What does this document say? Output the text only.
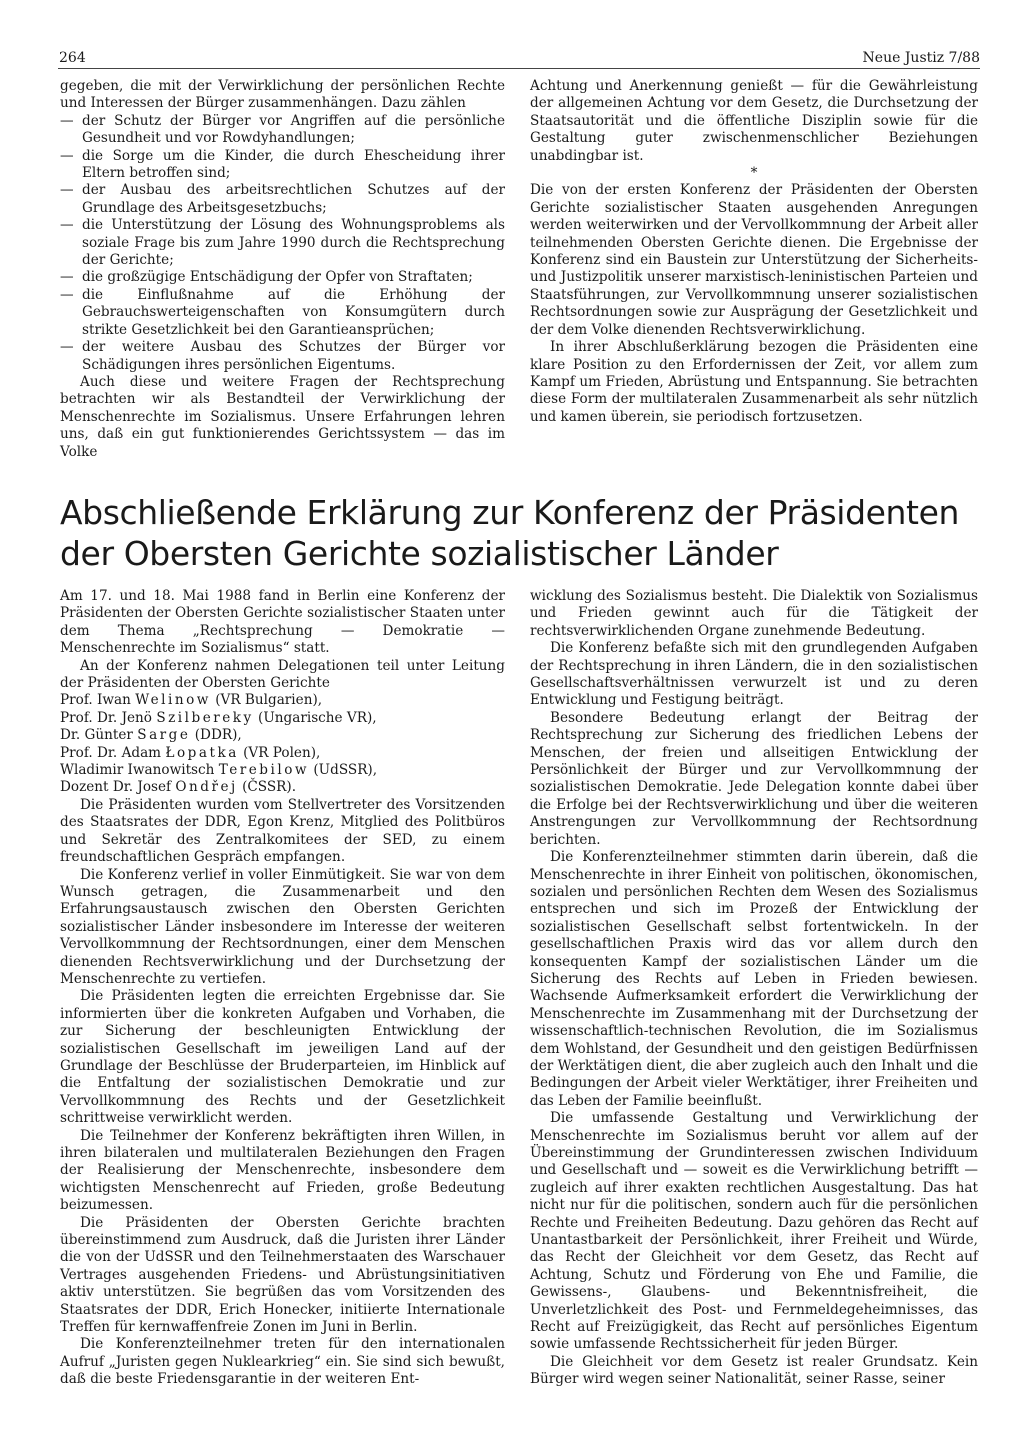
264	Neue Justiz 7/88

gegeben, die mit der Verwirklichung der persönlichen Rechte und Interessen der Bürger zusammenhängen. Dazu zählen

— der Schutz der Bürger vor Angriffen auf die persönliche Gesundheit und vor Rowdyhandlungen;
— die Sorge um die Kinder, die durch Ehescheidung ihrer Eltern betroffen sind;
— der Ausbau des arbeitsrechtlichen Schutzes auf der Grundlage des Arbeitsgesetzbuchs;
— die Unterstützung der Lösung des Wohnungsproblems als soziale Frage bis zum Jahre 1990 durch die Rechtsprechung der Gerichte;
— die großzügige Entschädigung der Opfer von Straftaten;
— die Einflußnahme auf die Erhöhung der Gebrauchswerteigenschaften von Konsumgütern durch strikte Gesetzlichkeit bei den Garantieansprüchen;
— der weitere Ausbau des Schutzes der Bürger vor Schädigungen ihres persönlichen Eigentums.

Auch diese und weitere Fragen der Rechtsprechung betrachten wir als Bestandteil der Verwirklichung der Menschenrechte im Sozialismus. Unsere Erfahrungen lehren uns, daß ein gut funktionierendes Gerichtssystem — das im Volke

Achtung und Anerkennung genießt — für die Gewährleistung der allgemeinen Achtung vor dem Gesetz, die Durchsetzung der Staatsautorität und die öffentliche Disziplin sowie für die Gestaltung guter zwischenmenschlicher Beziehungen unabdingbar ist.

*

Die von der ersten Konferenz der Präsidenten der Obersten Gerichte sozialistischer Staaten ausgehenden Anregungen werden weiterwirken und der Vervollkommnung der Arbeit aller teilnehmenden Obersten Gerichte dienen. Die Ergebnisse der Konferenz sind ein Baustein zur Unterstützung der Sicherheits- und Justizpolitik unserer marxistisch-leninistischen Parteien und Staatsführungen, zur Vervollkommnung unserer sozialistischen Rechtsordnungen sowie zur Ausprägung der Gesetzlichkeit und der dem Volke dienenden Rechtsverwirklichung.

In ihrer Abschlußerklärung bezogen die Präsidenten eine klare Position zu den Erfordernissen der Zeit, vor allem zum Kampf um Frieden, Abrüstung und Entspannung. Sie betrachten diese Form der multilateralen Zusammenarbeit als sehr nützlich und kamen überein, sie periodisch fortzusetzen.

Abschließende Erklärung zur Konferenz der Präsidenten
der Obersten Gerichte sozialistischer Länder

Am 17. und 18. Mai 1988 fand in Berlin eine Konferenz der Präsidenten der Obersten Gerichte sozialistischer Staaten unter dem Thema „Rechtsprechung — Demokratie — Menschenrechte im Sozialismus“ statt.

An der Konferenz nahmen Delegationen teil unter Leitung der Präsidenten der Obersten Gerichte

Prof. Iwan Welinow (VR Bulgarien),

Prof. Dr. Jenö Szilbereky (Ungarische VR),

Dr. Günter Sarge (DDR),

Prof. Dr. Adam Łopatka (VR Polen),

Wladimir Iwanowitsch Terebilow (UdSSR),

Dozent Dr. Josef Ondřej (ČSSR).

Die Präsidenten wurden vom Stellvertreter des Vorsitzenden des Staatsrates der DDR, Egon Krenz, Mitglied des Politbüros und Sekretär des Zentralkomitees der SED, zu einem freundschaftlichen Gespräch empfangen.

Die Konferenz verlief in voller Einmütigkeit. Sie war von dem Wunsch getragen, die Zusammenarbeit und den Erfahrungsaustausch zwischen den Obersten Gerichten sozialistischer Länder insbesondere im Interesse der weiteren Vervollkommnung der Rechtsordnungen, einer dem Menschen dienenden Rechtsverwirklichung und der Durchsetzung der Menschenrechte zu vertiefen.

Die Präsidenten legten die erreichten Ergebnisse dar. Sie informierten über die konkreten Aufgaben und Vorhaben, die zur Sicherung der beschleunigten Entwicklung der sozialistischen Gesellschaft im jeweiligen Land auf der Grundlage der Beschlüsse der Bruderparteien, im Hinblick auf die Entfaltung der sozialistischen Demokratie und zur Vervollkommnung des Rechts und der Gesetzlichkeit schrittweise verwirklicht werden.

Die Teilnehmer der Konferenz bekräftigten ihren Willen, in ihren bilateralen und multilateralen Beziehungen den Fragen der Realisierung der Menschenrechte, insbesondere dem wichtigsten Menschenrecht auf Frieden, große Bedeutung beizumessen.

Die Präsidenten der Obersten Gerichte brachten übereinstimmend zum Ausdruck, daß die Juristen ihrer Länder die von der UdSSR und den Teilnehmerstaaten des Warschauer Vertrages ausgehenden Friedens- und Abrüstungsinitiativen aktiv unterstützen. Sie begrüßen das vom Vorsitzenden des Staatsrates der DDR, Erich Honecker, initiierte Internationale Treffen für kernwaffenfreie Zonen im Juni in Berlin.

Die Konferenzteilnehmer treten für den internationalen Aufruf „Juristen gegen Nuklearkrieg“ ein. Sie sind sich bewußt, daß die beste Friedensgarantie in der weiteren Ent-

wicklung des Sozialismus besteht. Die Dialektik von Sozialismus und Frieden gewinnt auch für die Tätigkeit der rechtsverwirklichenden Organe zunehmende Bedeutung.

Die Konferenz befaßte sich mit den grundlegenden Aufgaben der Rechtsprechung in ihren Ländern, die in den sozialistischen Gesellschaftsverhältnissen verwurzelt ist und zu deren Entwicklung und Festigung beiträgt.

Besondere Bedeutung erlangt der Beitrag der Rechtsprechung zur Sicherung des friedlichen Lebens der Menschen, der freien und allseitigen Entwicklung der Persönlichkeit der Bürger und zur Vervollkommnung der sozialistischen Demokratie. Jede Delegation konnte dabei über die Erfolge bei der Rechtsverwirklichung und über die weiteren Anstrengungen zur Vervollkommnung der Rechtsordnung berichten.

Die Konferenzteilnehmer stimmten darin überein, daß die Menschenrechte in ihrer Einheit von politischen, ökonomischen, sozialen und persönlichen Rechten dem Wesen des Sozialismus entsprechen und sich im Prozeß der Entwicklung der sozialistischen Gesellschaft selbst fortentwickeln. In der gesellschaftlichen Praxis wird das vor allem durch den konsequenten Kampf der sozialistischen Länder um die Sicherung des Rechts auf Leben in Frieden bewiesen. Wachsende Aufmerksamkeit erfordert die Verwirklichung der Menschenrechte im Zusammenhang mit der Durchsetzung der wissenschaftlich-technischen Revolution, die im Sozialismus dem Wohlstand, der Gesundheit und den geistigen Bedürfnissen der Werktätigen dient, die aber zugleich auch den Inhalt und die Bedingungen der Arbeit vieler Werktätiger, ihrer Freiheiten und das Leben der Familie beeinflußt.

Die umfassende Gestaltung und Verwirklichung der Menschenrechte im Sozialismus beruht vor allem auf der Übereinstimmung der Grundinteressen zwischen Individuum und Gesellschaft und — soweit es die Verwirklichung betrifft — zugleich auf ihrer exakten rechtlichen Ausgestaltung. Das hat nicht nur für die politischen, sondern auch für die persönlichen Rechte und Freiheiten Bedeutung. Dazu gehören das Recht auf Unantastbarkeit der Persönlichkeit, ihrer Freiheit und Würde, das Recht der Gleichheit vor dem Gesetz, das Recht auf Achtung, Schutz und Förderung von Ehe und Familie, die Gewissens-, Glaubens- und Bekenntnisfreiheit, die Unverletzlichkeit des Post- und Fernmeldegeheimnisses, das Recht auf Freizügigkeit, das Recht auf persönliches Eigentum sowie umfassende Rechtssicherheit für jeden Bürger.

Die Gleichheit vor dem Gesetz ist realer Grundsatz. Kein Bürger wird wegen seiner Nationalität, seiner Rasse, seiner
